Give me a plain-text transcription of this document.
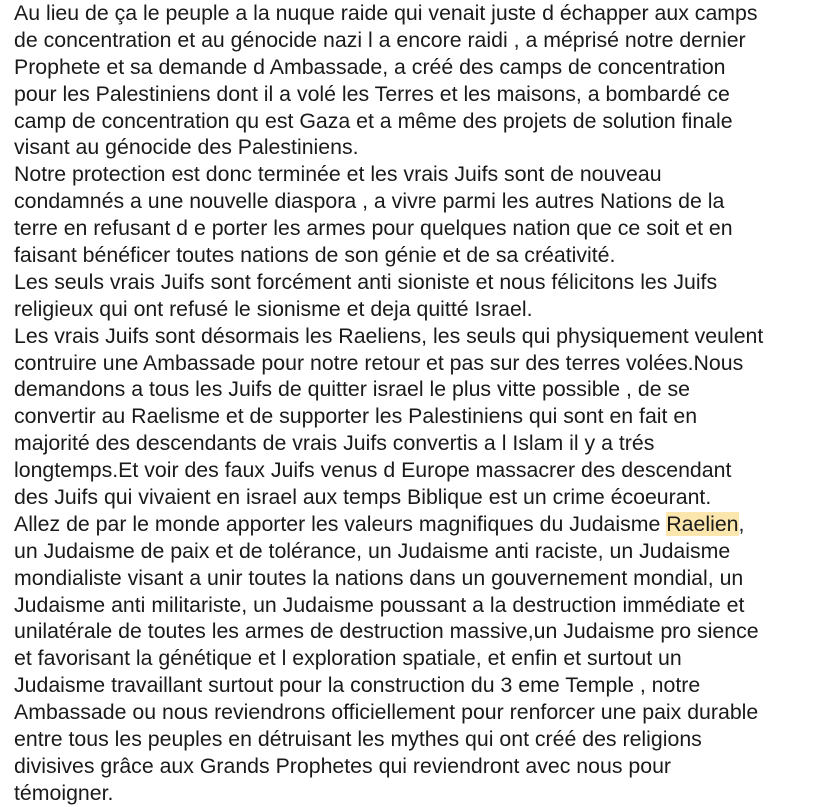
Au lieu de ça le peuple a la nuque raide qui venait juste d échapper aux camps
de concentration et au génocide nazi l a encore raidi , a méprisé notre dernier
Prophete et sa demande d Ambassade, a créé des camps de concentration
pour les Palestiniens dont il a volé les Terres et les maisons, a bombardé ce
camp de concentration qu est Gaza et a même des projets de solution finale
visant au génocide des Palestiniens.
Notre protection est donc terminée et les vrais Juifs sont de nouveau
condamnés a une nouvelle diaspora , a vivre parmi les autres Nations de la
terre en refusant d e porter les armes pour quelques nation que ce soit et en
faisant bénéficer toutes nations de son génie et de sa créativité.
Les seuls vrais Juifs sont forcément anti sioniste et nous félicitons les Juifs
religieux qui ont refusé le sionisme et deja quitté Israel.
Les vrais Juifs sont désormais les Raeliens, les seuls qui physiquement veulent
contruire une Ambassade pour notre retour et pas sur des terres volées.Nous
demandons a tous les Juifs de quitter israel le plus vitte possible , de se
convertir au Raelisme et de supporter les Palestiniens qui sont en fait en
majorité des descendants de vrais Juifs convertis a l Islam il y a trés
longtemps.Et voir des faux Juifs venus d Europe massacrer des descendant
des Juifs qui vivaient en israel aux temps Biblique est un crime écoeurant.
Allez de par le monde apporter les valeurs magnifiques du Judaisme Raelien,
un Judaisme de paix et de tolérance, un Judaisme anti raciste, un Judaisme
mondialiste visant a unir toutes la nations dans un gouvernement mondial, un
Judaisme anti militariste, un Judaisme poussant a la destruction immédiate et
unilatérale de toutes les armes de destruction massive,un Judaisme pro sience
et favorisant la génétique et l exploration spatiale, et enfin et surtout un
Judaisme travaillant surtout pour la construction du 3 eme Temple , notre
Ambassade ou nous reviendrons officiellement pour renforcer une paix durable
entre tous les peuples en détruisant les mythes qui ont créé des religions
divisives grâce aux Grands Prophetes qui reviendront avec nous pour
témoigner.
